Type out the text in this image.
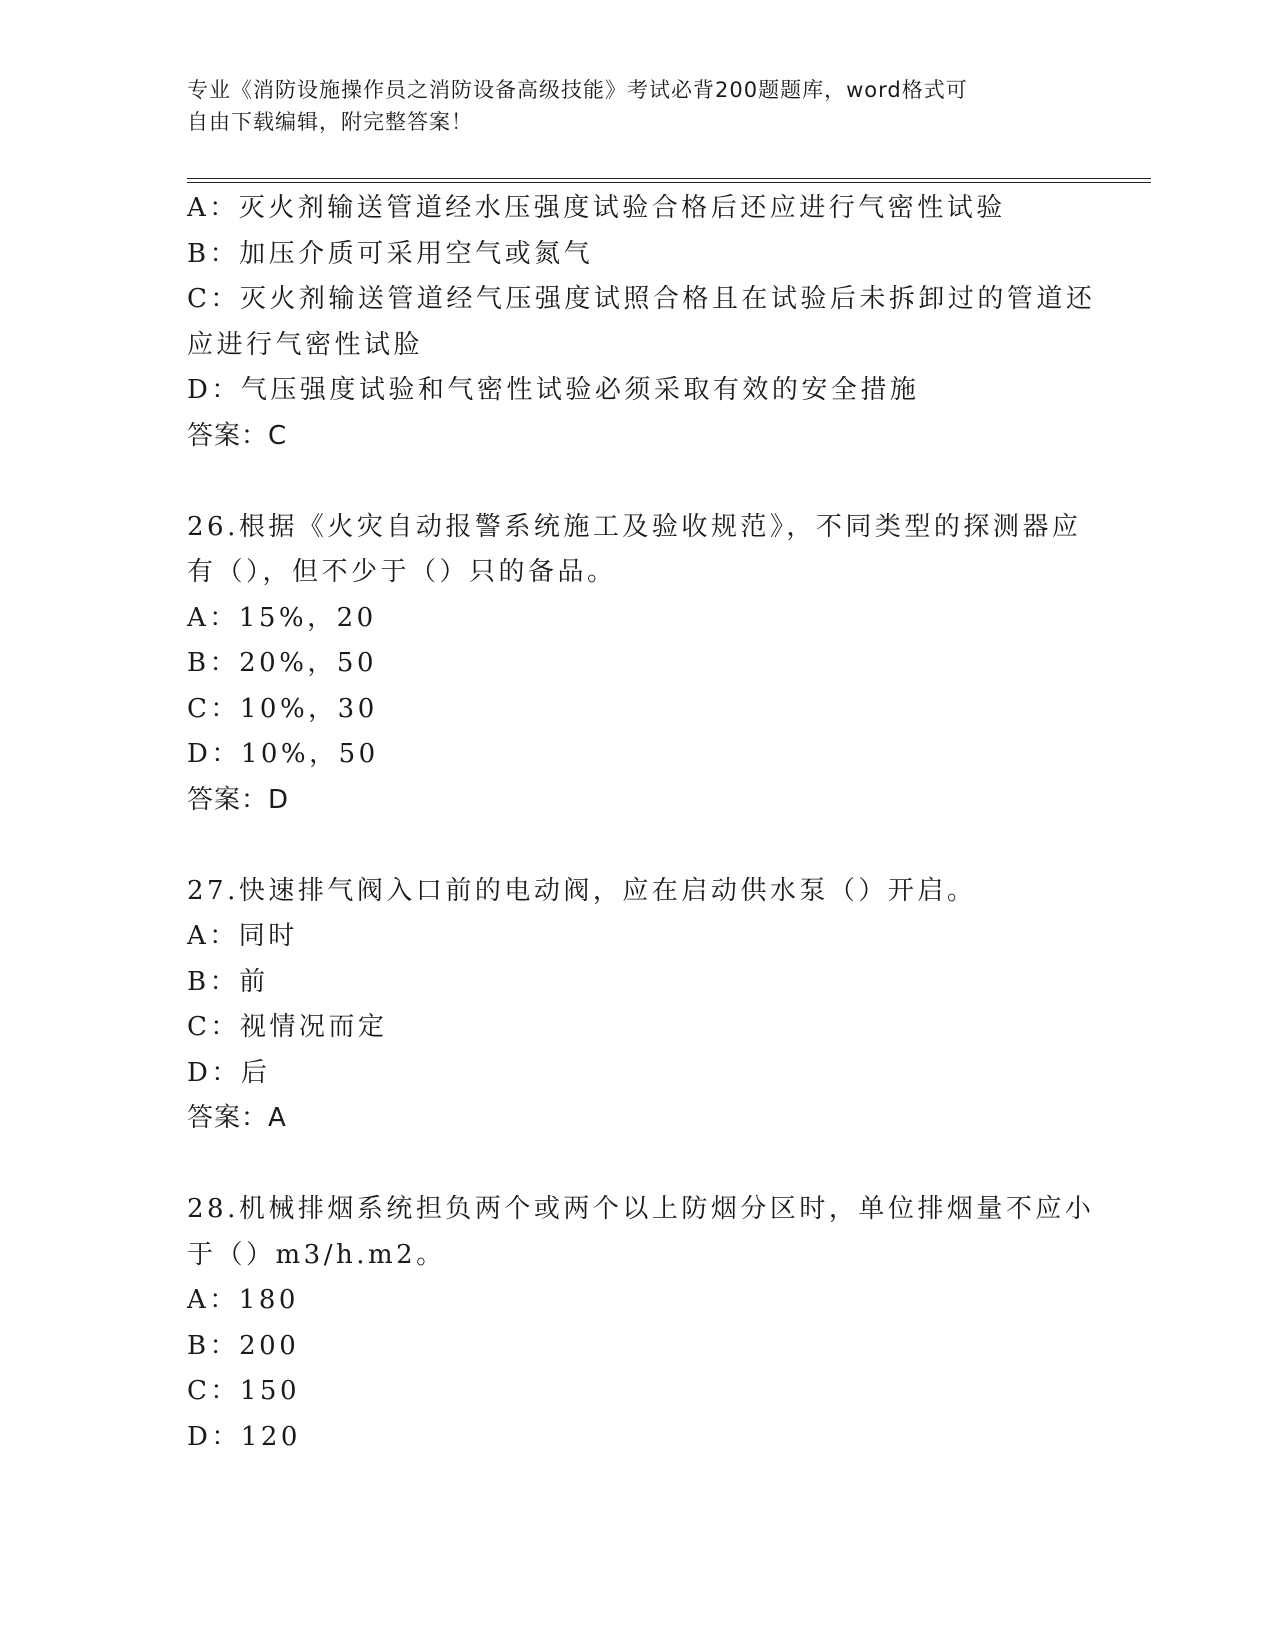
专业《消防设施操作员之消防设备高级技能》考试必背200题题库，word格式可
自由下载编辑，附完整答案！
A：灭火剂输送管道经水压强度试验合格后还应进行气密性试验
B：加压介质可采用空气或氮气
C：灭火剂输送管道经气压强度试照合格且在试验后未拆卸过的管道还
应进行气密性试脸
D：气压强度试验和气密性试验必须采取有效的安全措施
答案：C
26.根据《火灾自动报警系统施工及验收规范》，不同类型的探测器应
有（），但不少于（）只的备品。
A：15%，20
B：20%，50
C：10%，30
D：10%，50
答案：D
27.快速排气阀入口前的电动阀，应在启动供水泵（）开启。
A：同时
B：前
C：视情况而定
D：后
答案：A
28.机械排烟系统担负两个或两个以上防烟分区时，单位排烟量不应小
于（）m3/h.m2。
A：180
B：200
C：150
D：120
